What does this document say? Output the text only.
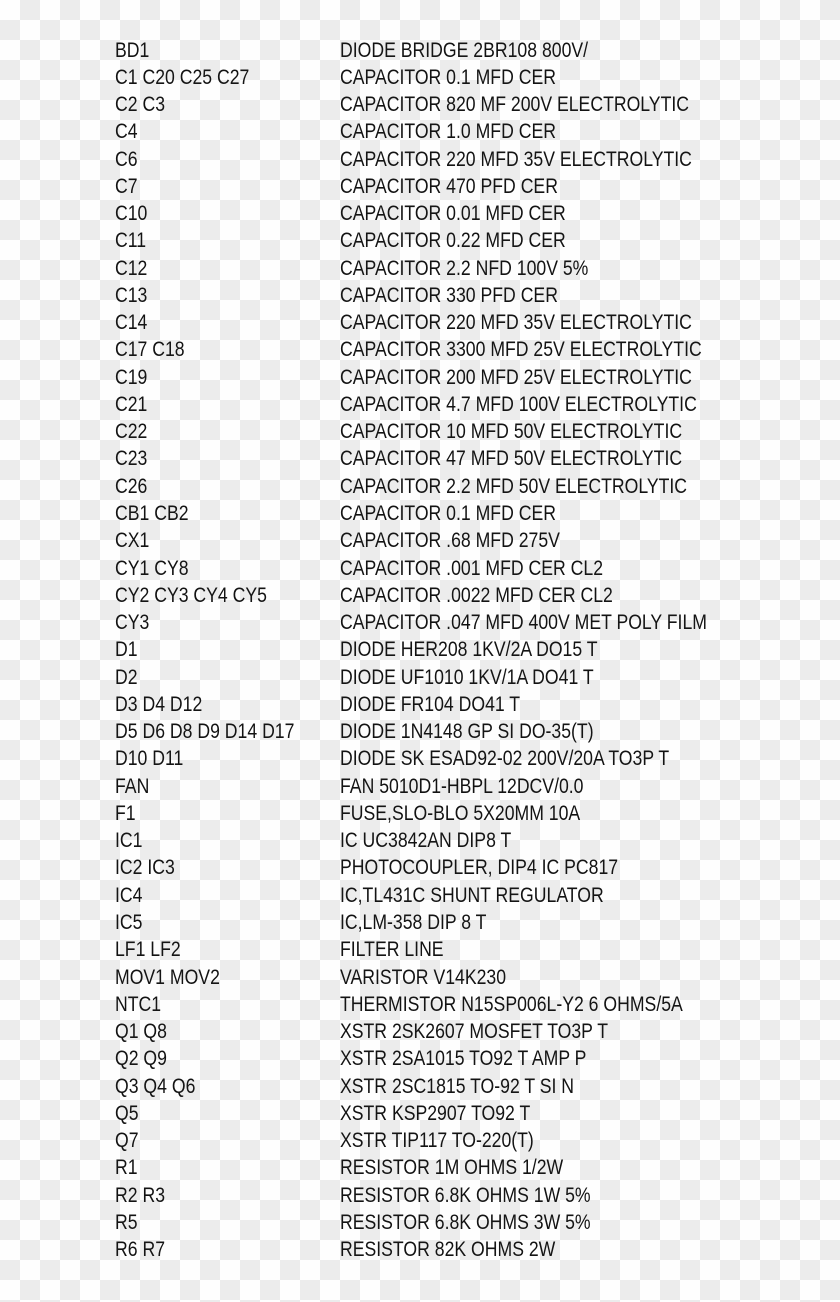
BD1	DIODE BRIDGE 2BR108 800V/
C1 C20 C25 C27	CAPACITOR 0.1 MFD CER
C2 C3	CAPACITOR 820 MF 200V ELECTROLYTIC
C4	CAPACITOR 1.0 MFD CER
C6	CAPACITOR 220 MFD 35V ELECTROLYTIC
C7	CAPACITOR 470 PFD CER
C10	CAPACITOR 0.01 MFD CER
C11	CAPACITOR 0.22 MFD CER
C12	CAPACITOR 2.2 NFD 100V 5%
C13	CAPACITOR 330 PFD CER
C14	CAPACITOR 220 MFD 35V ELECTROLYTIC
C17 C18	CAPACITOR 3300 MFD 25V ELECTROLYTIC
C19	CAPACITOR 200 MFD 25V ELECTROLYTIC
C21	CAPACITOR 4.7 MFD 100V ELECTROLYTIC
C22	CAPACITOR 10 MFD 50V ELECTROLYTIC
C23	CAPACITOR 47 MFD 50V ELECTROLYTIC
C26	CAPACITOR 2.2 MFD 50V ELECTROLYTIC
CB1 CB2	CAPACITOR 0.1 MFD CER
CX1	CAPACITOR .68 MFD 275V
CY1 CY8	CAPACITOR .001 MFD CER CL2
CY2 CY3 CY4 CY5	CAPACITOR .0022 MFD CER CL2
CY3	CAPACITOR .047 MFD 400V MET POLY FILM
D1	DIODE HER208 1KV/2A DO15 T
D2	DIODE UF1010 1KV/1A DO41 T
D3 D4 D12	DIODE FR104 DO41 T
D5 D6 D8 D9 D14 D17	DIODE 1N4148 GP SI DO-35(T)
D10 D11	DIODE SK ESAD92-02 200V/20A TO3P T
FAN	FAN 5010D1-HBPL 12DCV/0.0
F1	FUSE,SLO-BLO 5X20MM 10A
IC1	IC UC3842AN DIP8 T
IC2 IC3	PHOTOCOUPLER, DIP4 IC PC817
IC4	IC,TL431C SHUNT REGULATOR
IC5	IC,LM-358 DIP 8 T
LF1 LF2	FILTER LINE
MOV1 MOV2	VARISTOR V14K230
NTC1	THERMISTOR N15SP006L-Y2 6 OHMS/5A
Q1 Q8	XSTR 2SK2607 MOSFET TO3P T
Q2 Q9	XSTR 2SA1015 TO92 T AMP P
Q3 Q4 Q6	XSTR 2SC1815 TO-92 T SI N
Q5	XSTR KSP2907 TO92 T
Q7	XSTR TIP117 TO-220(T)
R1	RESISTOR 1M OHMS 1/2W
R2 R3	RESISTOR 6.8K OHMS 1W 5%
R5	RESISTOR 6.8K OHMS 3W 5%
R6 R7	RESISTOR 82K OHMS 2W
